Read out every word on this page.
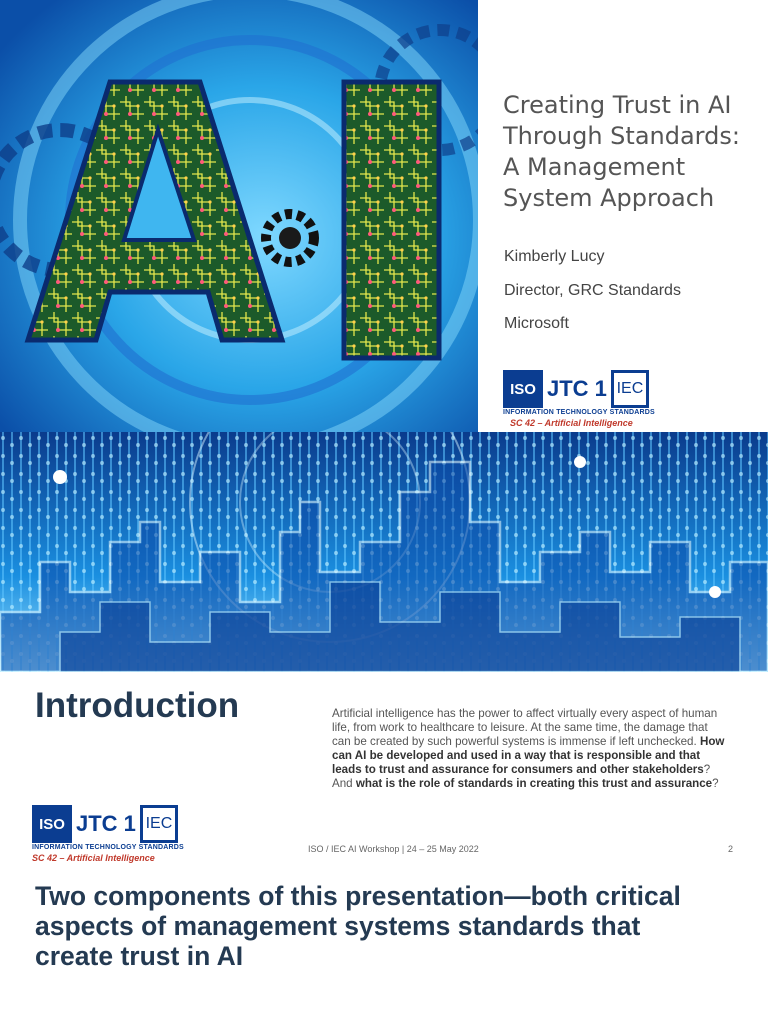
Creating Trust in AI Through Standards: A Management System Approach
Kimberly Lucy
Director, GRC Standards
Microsoft
ISO JTC 1 IEC
INFORMATION TECHNOLOGY STANDARDS
SC 42 – Artificial Intelligence
Introduction	Artificial intelligence has the power to affect virtually every aspect of human life, from work to healthcare to leisure. At the same time, the damage that can be created by such powerful systems is immense if left unchecked. How can AI be developed and used in a way that is responsible and that leads to trust and assurance for consumers and other stakeholders? And what is the role of standards in creating this trust and assurance?

ISO JTC 1 IEC
INFORMATION TECHNOLOGY STANDARDS
SC 42 – Artificial Intelligence
ISO / IEC AI Workshop | 24 – 25 May 2022	2
Two components of this presentation—both critical aspects of management systems standards that create trust in AI
